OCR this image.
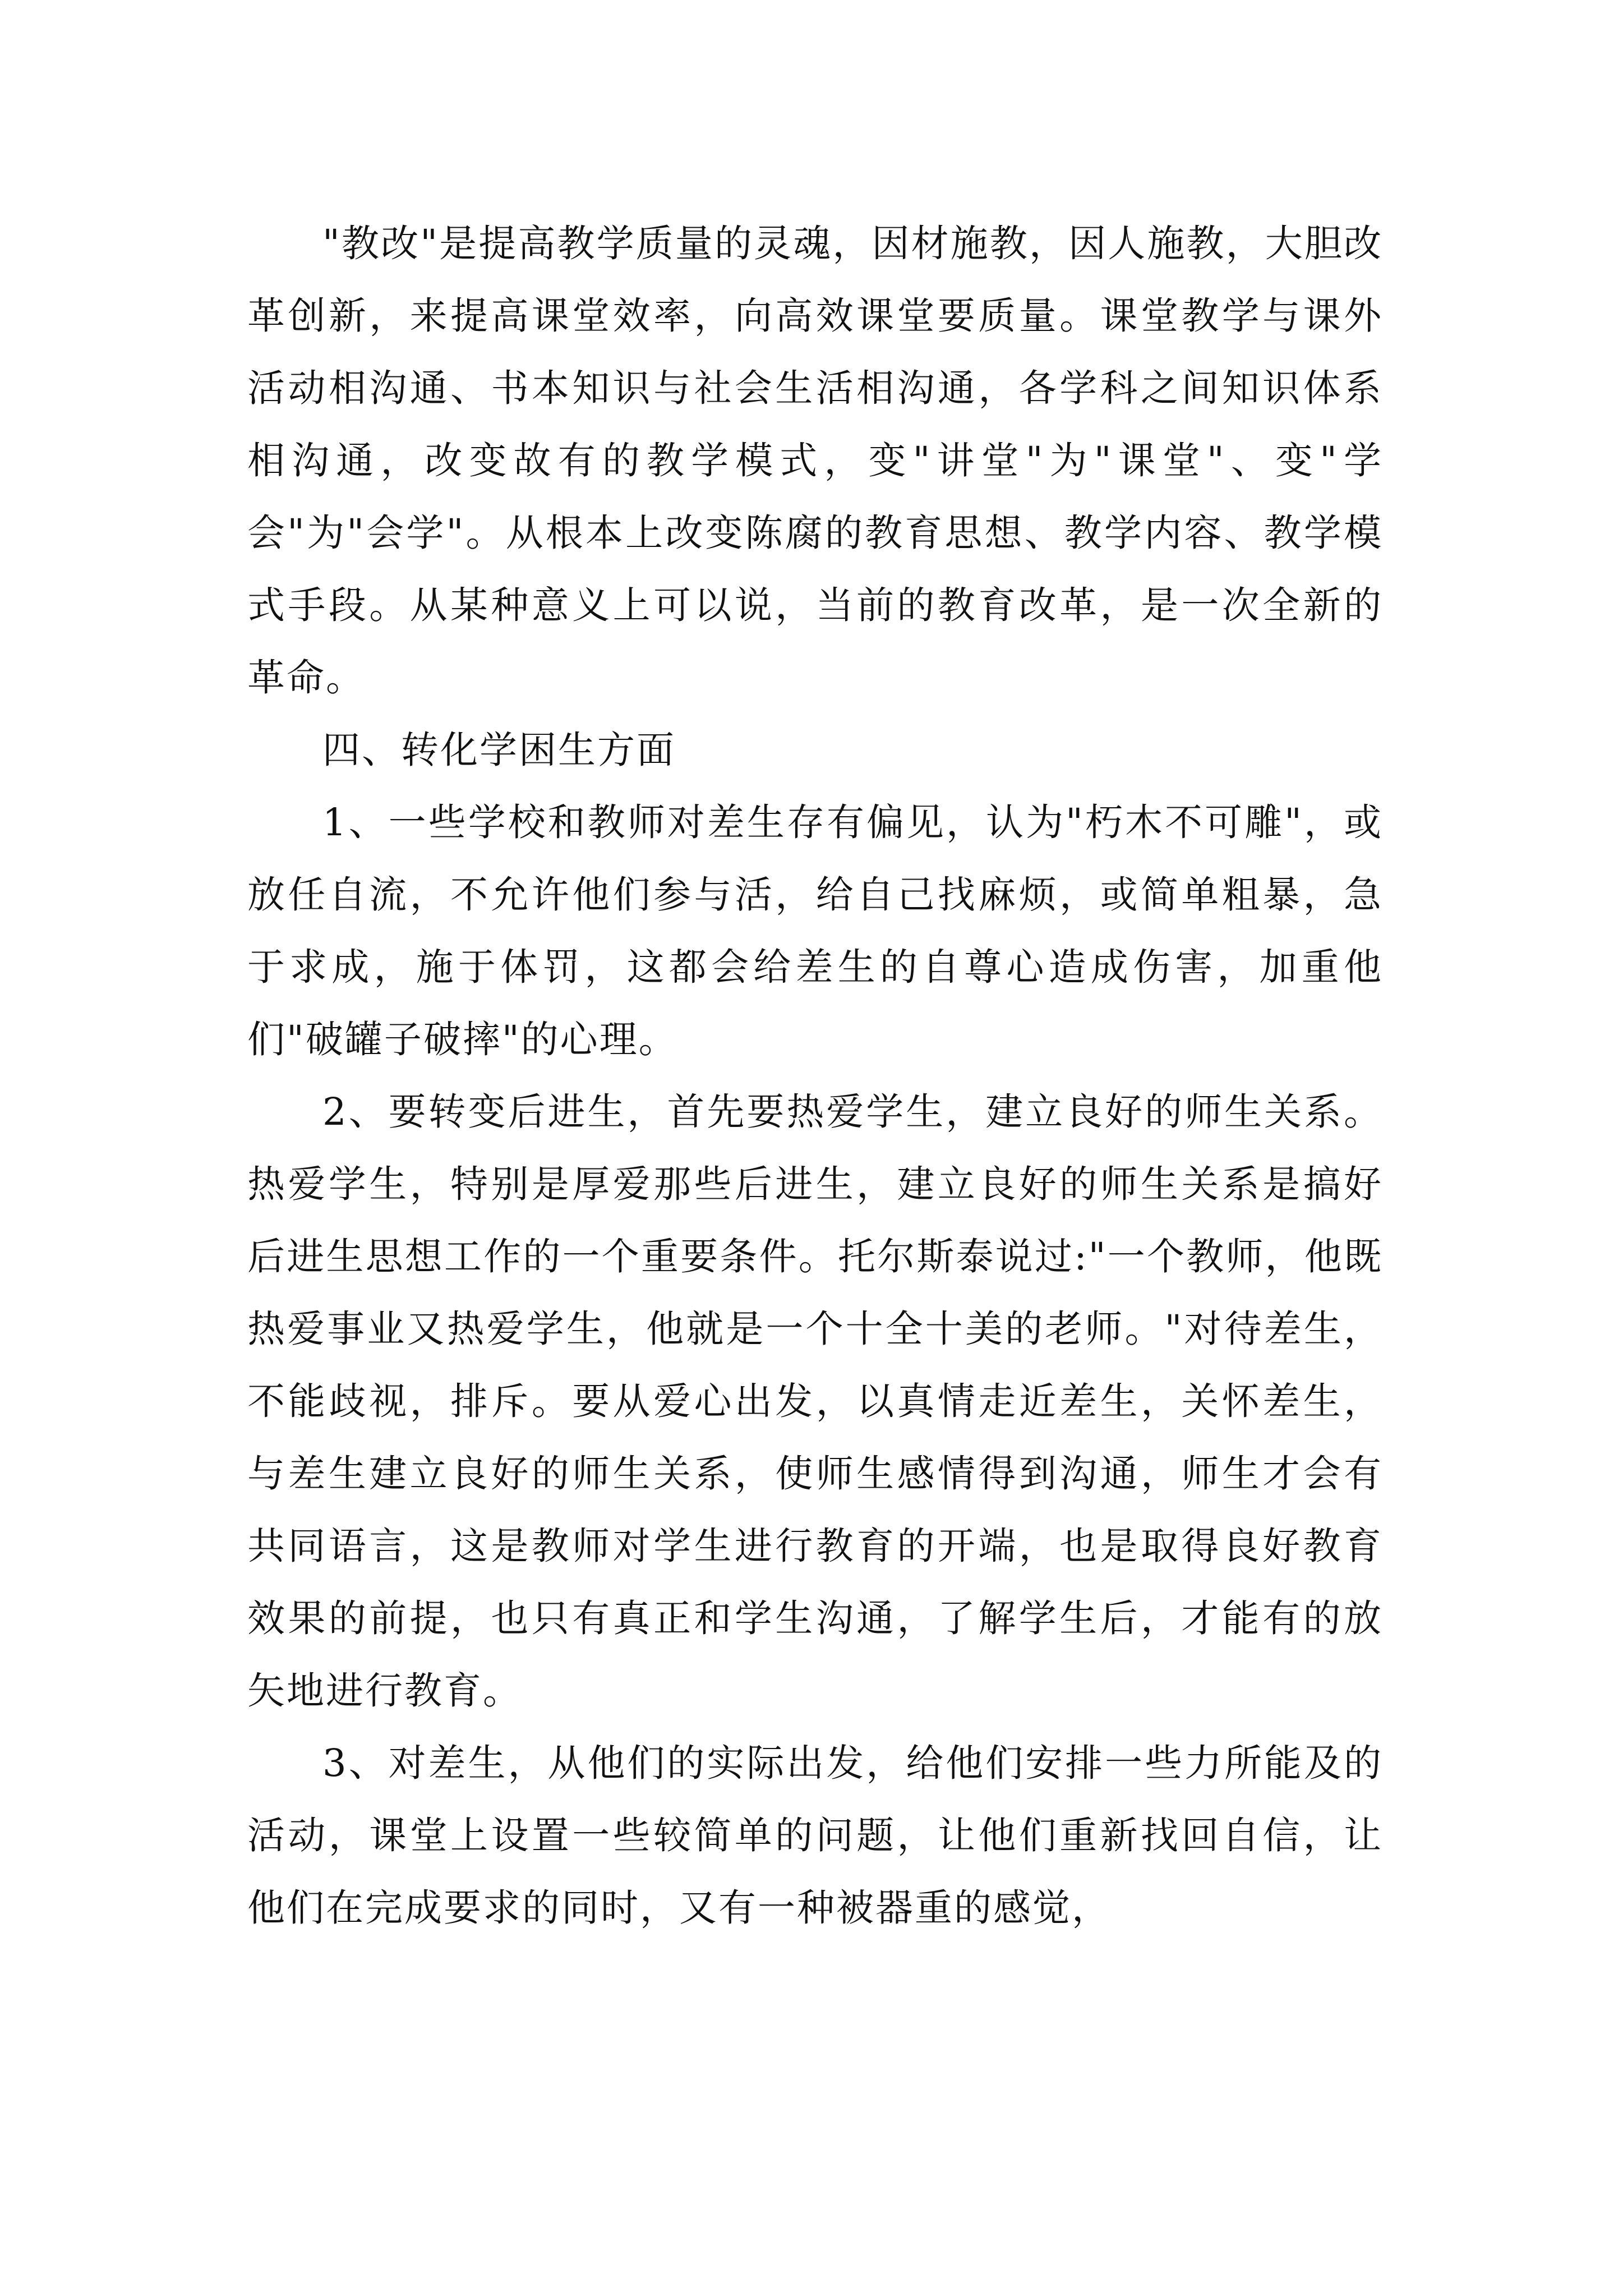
"教改"是提高教学质量的灵魂，因材施教，因人施教，大胆改革创新，来提高课堂效率，向高效课堂要质量。课堂教学与课外活动相沟通、书本知识与社会生活相沟通，各学科之间知识体系相沟通，改变故有的教学模式，变"讲堂"为"课堂"、变"学会"为"会学"。从根本上改变陈腐的教育思想、教学内容、教学模式手段。从某种意义上可以说，当前的教育改革，是一次全新的革命。

四、转化学困生方面

1、一些学校和教师对差生存有偏见，认为"朽木不可雕"，或放任自流，不允许他们参与活，给自己找麻烦，或简单粗暴，急于求成，施于体罚，这都会给差生的自尊心造成伤害，加重他们"破罐子破摔"的心理。

2、要转变后进生，首先要热爱学生，建立良好的师生关系。热爱学生，特别是厚爱那些后进生，建立良好的师生关系是搞好后进生思想工作的一个重要条件。托尔斯泰说过:"一个教师，他既热爱事业又热爱学生，他就是一个十全十美的老师。"对待差生，不能歧视，排斥。要从爱心出发，以真情走近差生，关怀差生，与差生建立良好的师生关系，使师生感情得到沟通，师生才会有共同语言，这是教师对学生进行教育的开端，也是取得良好教育效果的前提，也只有真正和学生沟通，了解学生后，才能有的放矢地进行教育。

3、对差生，从他们的实际出发，给他们安排一些力所能及的活动，课堂上设置一些较简单的问题，让他们重新找回自信，让他们在完成要求的同时，又有一种被器重的感觉，
